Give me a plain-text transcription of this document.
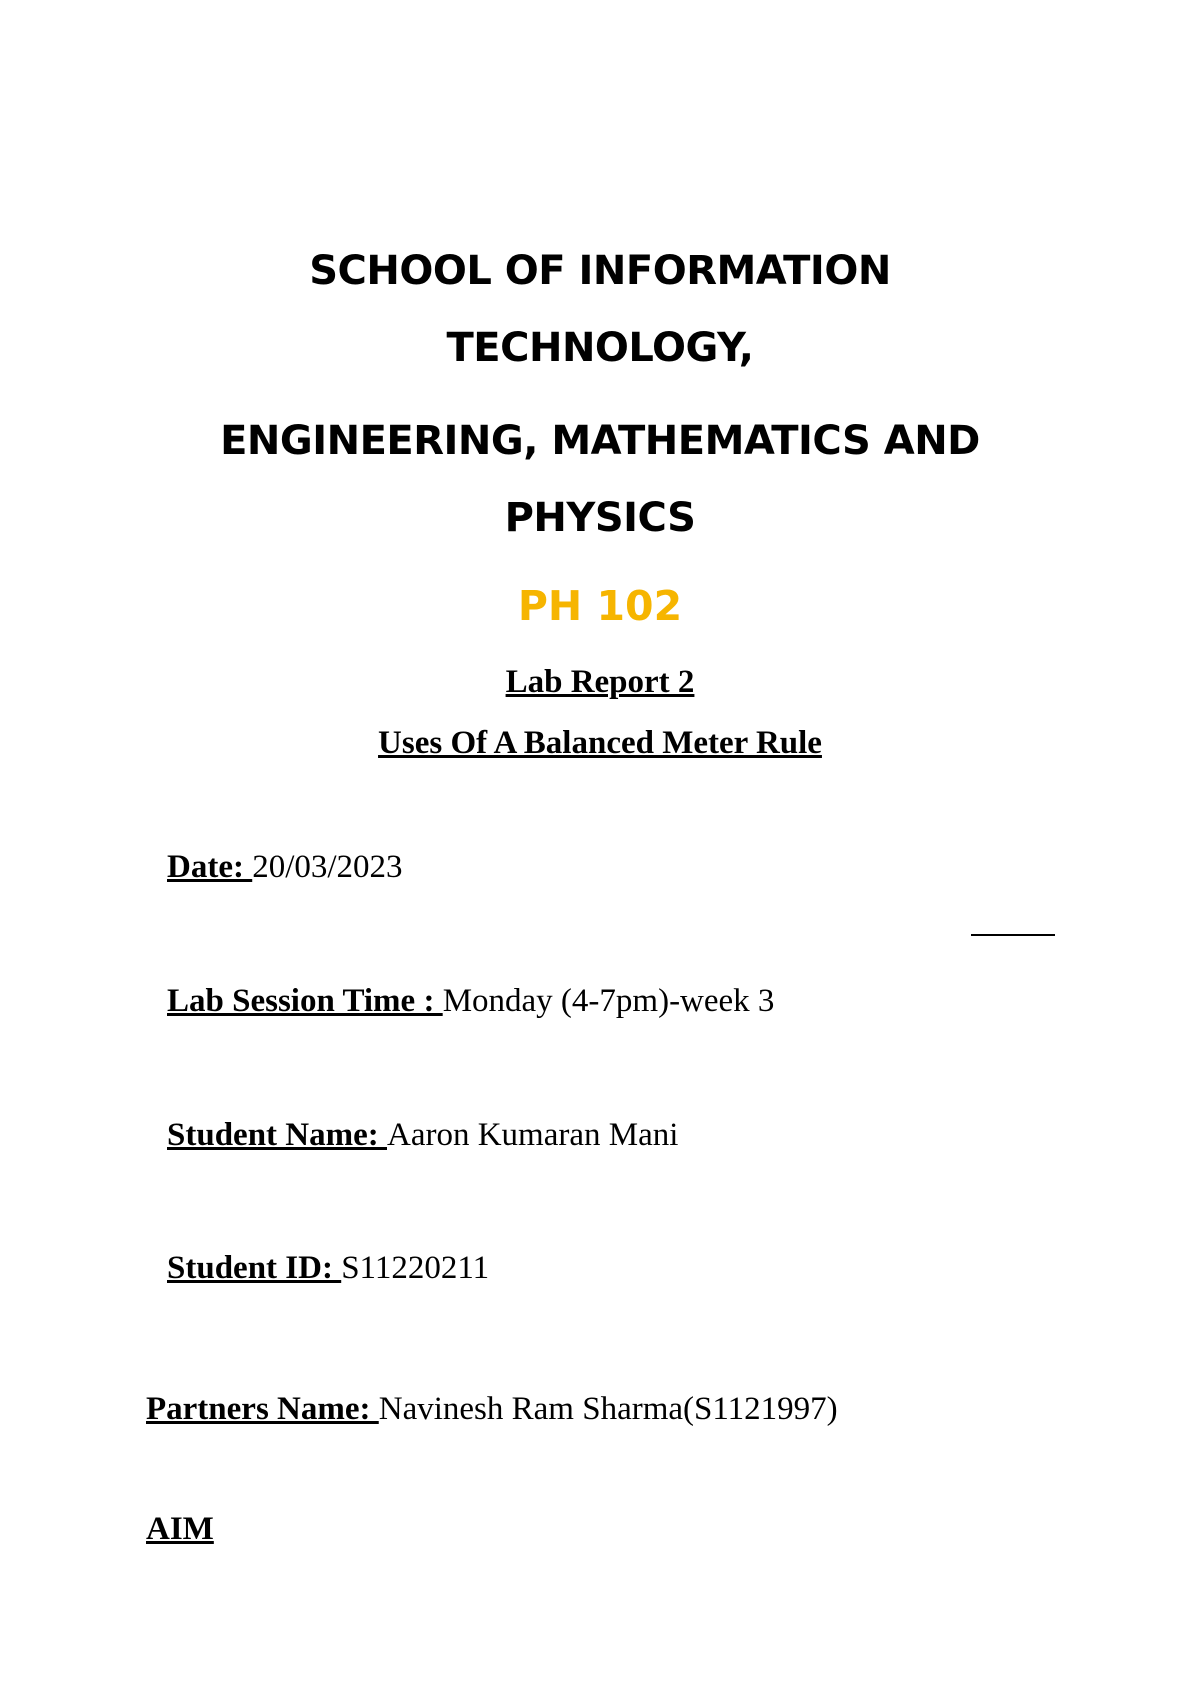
SCHOOL OF INFORMATION
TECHNOLOGY,
ENGINEERING, MATHEMATICS AND
PHYSICS
PH 102
Lab Report 2
Uses Of A Balanced Meter Rule
Date: 20/03/2023
Lab Session Time : Monday (4-7pm)-week 3
Student Name: Aaron Kumaran Mani
Student ID: S11220211
Partners Name: Navinesh Ram Sharma(S1121997)
AIM
